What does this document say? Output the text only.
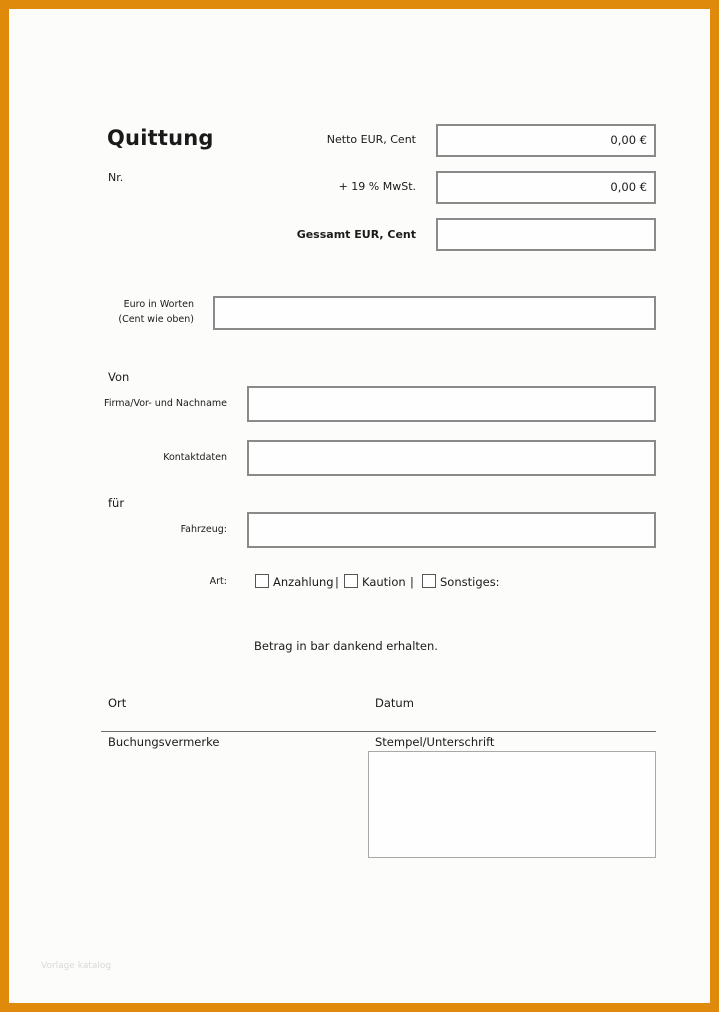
Quittung
Nr.
Netto EUR, Cent	0,00 €
+ 19 % MwSt.	0,00 €
Gessamt EUR, Cent
Euro in Worten
(Cent wie oben)
Von
Firma/Vor- und Nachname
Kontaktdaten
für
Fahrzeug:
Art:	Anzahlung | Kaution | Sonstiges:
Betrag in bar dankend erhalten.
Ort	Datum
Buchungsvermerke	Stempel/Unterschrift
Vorlage katalog
